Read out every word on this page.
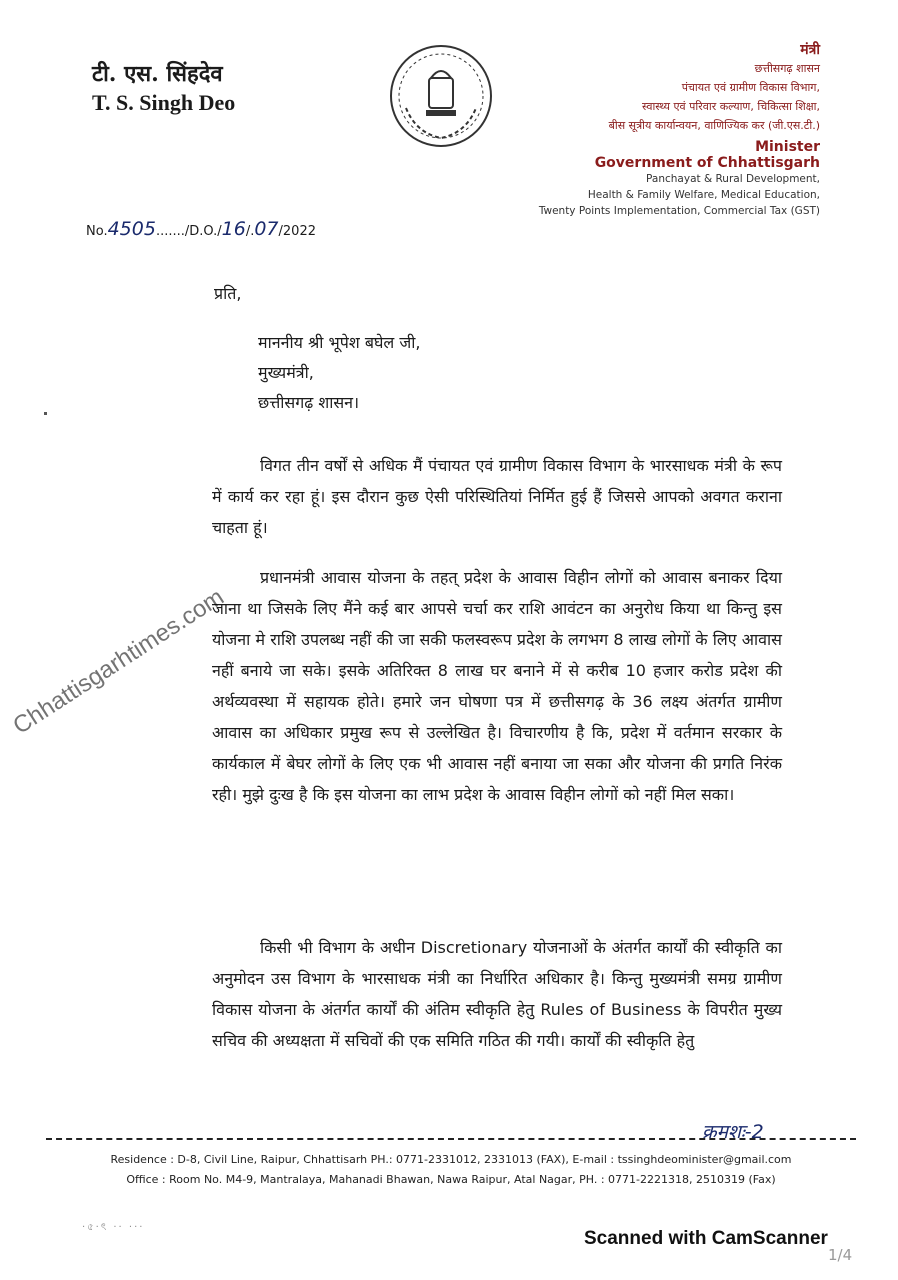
टी. एस. सिंहदेव
T. S. Singh Deo
मंत्री
छत्तीसगढ़ शासन
पंचायत एवं ग्रामीण विकास विभाग,
स्वास्थ्य एवं परिवार कल्याण, चिकित्सा शिक्षा,
बीस सूत्रीय कार्यान्वयन, वाणिज्यिक कर (जी.एस.टी.)
Minister
Government of Chhattisgarh
Panchayat & Rural Development,
Health & Family Welfare, Medical Education,
Twenty Points Implementation, Commercial Tax (GST)
No.4505......./D.O./16/.07/2022
प्रति,
माननीय श्री भूपेश बघेल जी,
मुख्यमंत्री,
छत्तीसगढ़ शासन।
विगत तीन वर्षों से अधिक मैं पंचायत एवं ग्रामीण विकास विभाग के भारसाधक मंत्री के रूप में कार्य कर रहा हूं। इस दौरान कुछ ऐसी परिस्थितियां निर्मित हुई हैं जिससे आपको अवगत कराना चाहता हूं।
प्रधानमंत्री आवास योजना के तहत् प्रदेश के आवास विहीन लोगों को आवास बनाकर दिया जाना था जिसके लिए मैंने कई बार आपसे चर्चा कर राशि आवंटन का अनुरोध किया था किन्तु इस योजना मे राशि उपलब्ध नहीं की जा सकी फलस्वरूप प्रदेश के लगभग 8 लाख लोगों के लिए आवास नहीं बनाये जा सके। इसके अतिरिक्त 8 लाख घर बनाने में से करीब 10 हजार करोड प्रदेश की अर्थव्यवस्था में सहायक होते। हमारे जन घोषणा पत्र में छत्तीसगढ़ के 36 लक्ष्य अंतर्गत ग्रामीण आवास का अधिकार प्रमुख रूप से उल्लेखित है। विचारणीय है कि, प्रदेश में वर्तमान सरकार के कार्यकाल में बेघर लोगों के लिए एक भी आवास नहीं बनाया जा सका और योजना की प्रगति निरंक रही। मुझे दुःख है कि इस योजना का लाभ प्रदेश के आवास विहीन लोगों को नहीं मिल सका।
किसी भी विभाग के अधीन Discretionary योजनाओं के अंतर्गत कार्यों की स्वीकृति का अनुमोदन उस विभाग के भारसाधक मंत्री का निर्धारित अधिकार है। किन्तु मुख्यमंत्री समग्र ग्रामीण विकास योजना के अंतर्गत कार्यों की अंतिम स्वीकृति हेतु Rules of Business के विपरीत मुख्य सचिव की अध्यक्षता में सचिवों की एक समिति गठित की गयी। कार्यों की स्वीकृति हेतु
क्रमशः-2
Residence : D-8, Civil Line, Raipur, Chhattisarh PH.: 0771-2331012, 2331013 (FAX), E-mail : tssinghdeominister@gmail.com
Office : Room No. M4-9, Mantralaya, Mahanadi Bhawan, Nawa Raipur, Atal Nagar, PH. : 0771-2221318, 2510319 (Fax)
·৫·ৎ ·· ···
Chhattisgarhtimes.com
Scanned with CamScanner
1/4
